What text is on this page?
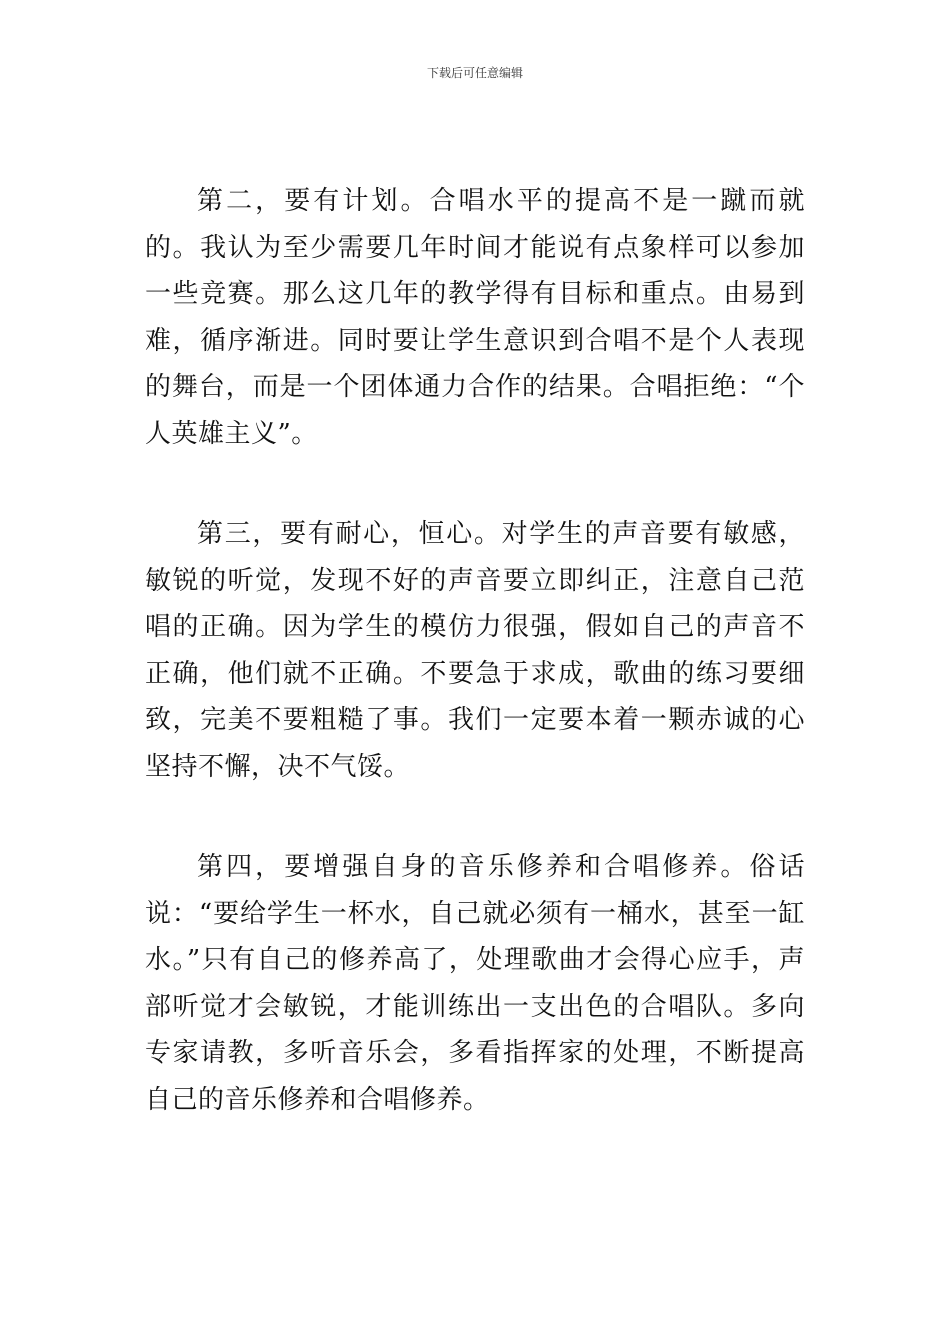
下载后可任意编辑

第二，要有计划。合唱水平的提高不是一蹴而就的。我认为至少需要几年时间才能说有点象样可以参加一些竞赛。那么这几年的教学得有目标和重点。由易到难，循序渐进。同时要让学生意识到合唱不是个人表现的舞台，而是一个团体通力合作的结果。合唱拒绝：“个人英雄主义”。

第三，要有耐心，恒心。对学生的声音要有敏感，敏锐的听觉，发现不好的声音要立即纠正，注意自己范唱的正确。因为学生的模仿力很强，假如自己的声音不正确，他们就不正确。不要急于求成，歌曲的练习要细致，完美不要粗糙了事。我们一定要本着一颗赤诚的心坚持不懈，决不气馁。

第四，要增强自身的音乐修养和合唱修养。俗话说：“要给学生一杯水，自己就必须有一桶水，甚至一缸水。”只有自己的修养高了，处理歌曲才会得心应手，声部听觉才会敏锐，才能训练出一支出色的合唱队。多向专家请教，多听音乐会，多看指挥家的处理，不断提高自己的音乐修养和合唱修养。
